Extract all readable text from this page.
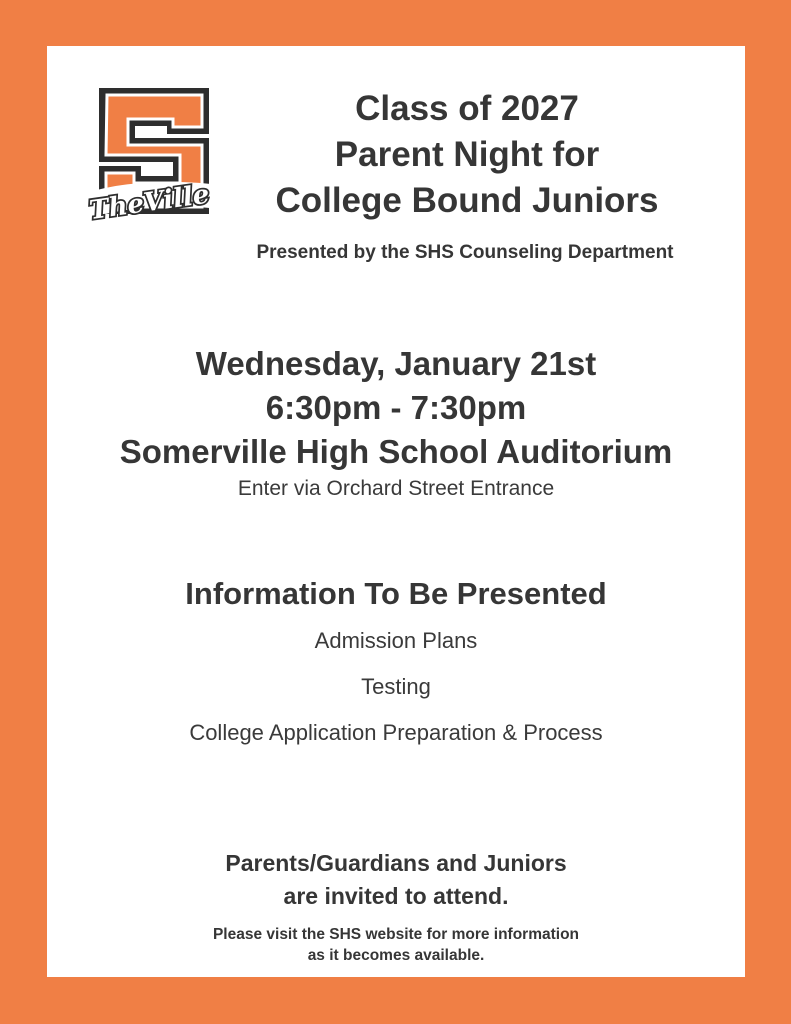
TheVille
Class of 2027
Parent Night for
College Bound Juniors
Presented by the SHS Counseling Department
Wednesday, January 21st
6:30pm - 7:30pm
Somerville High School Auditorium
Enter via Orchard Street Entrance
Information To Be Presented
Admission Plans
Testing
College Application Preparation & Process
Parents/Guardians and Juniors
are invited to attend.
Please visit the SHS website for more information
as it becomes available.
